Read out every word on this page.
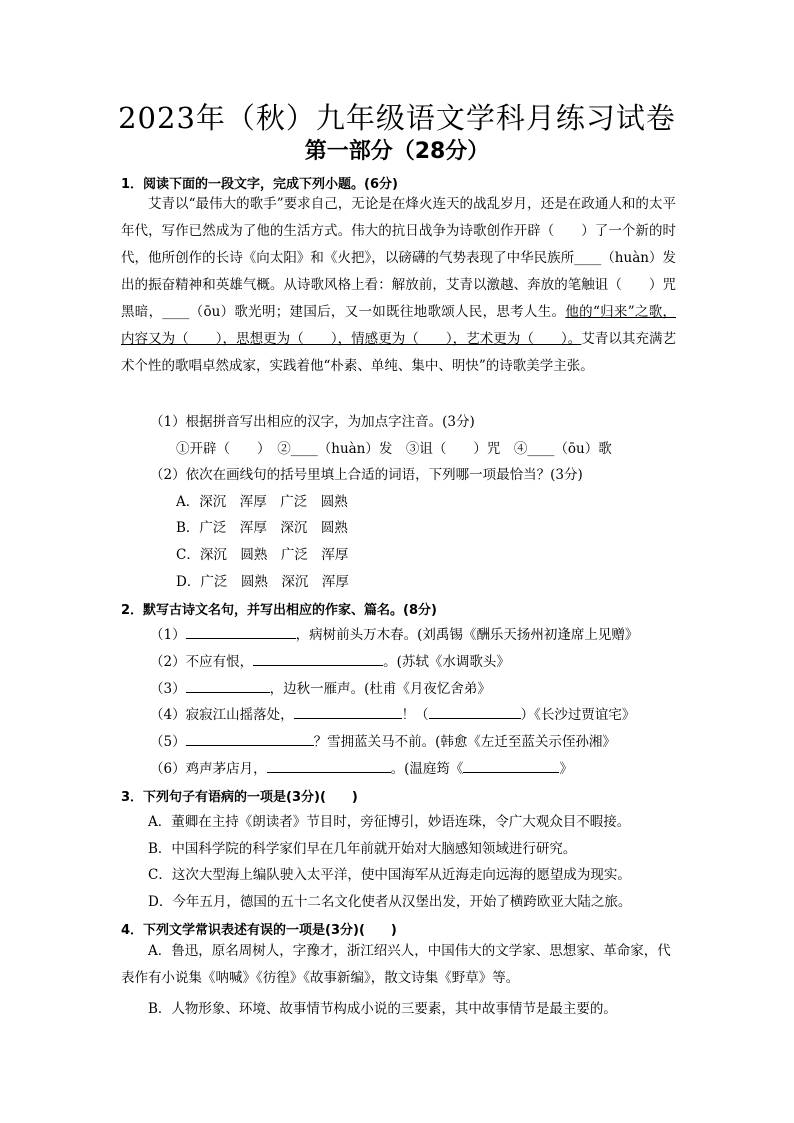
2023年（秋）九年级语文学科月练习试卷
第一部分（28分）
1．阅读下面的一段文字，完成下列小题。(6分)

艾青以“最伟大的歌手”要求自己，无论是在烽火连天的战乱岁月，还是在政通人和的太平年代，写作已然成为了他的生活方式。伟大的抗日战争为诗歌创作开辟（　　）了一个新的时代，他所创作的长诗《向太阳》和《火把》，以磅礴的气势表现了中华民族所____（huàn）发出的振奋精神和英雄气概。从诗歌风格上看：解放前，艾青以激越、奔放的笔触诅（　　）咒黑暗，____（ōu）歌光明；建国后，又一如既往地歌颂人民，思考人生。他的“归来”之歌，内容又为（　　），思想更为（　　），情感更为（　　），艺术更为（　　）。艾青以其充满艺术个性的歌唱卓然成家，实践着他“朴素、单纯、集中、明快”的诗歌美学主张。

（1）根据拼音写出相应的汉字，为加点字注音。(3分)
①开辟（　　）　②____（huàn）发　③诅（　　）咒　④____（ōu）歌
（2）依次在画线句的括号里填上合适的词语，下列哪一项最恰当？(3分)
A．深沉　浑厚　广泛　圆熟
B．广泛　浑厚　深沉　圆熟
C．深沉　圆熟　广泛　浑厚
D．广泛　圆熟　深沉　浑厚
2．默写古诗文名句，并写出相应的作家、篇名。(8分)
（1）	，病树前头万木春。(刘禹锡《酬乐天扬州初逢席上见赠》
（2）不应有恨，	。(苏轼《水调歌头》
（3）	，边秋一雁声。(杜甫《月夜忆舍弟》
（4）寂寂江山摇落处，	！（	）《长沙过贾谊宅》
（5）	？雪拥蓝关马不前。(韩愈《左迁至蓝关示侄孙湘》
（6）鸡声茅店月，	。(温庭筠《	》
3．下列句子有语病的一项是(3分)(　　)
A．董卿在主持《朗读者》节目时，旁征博引，妙语连珠，令广大观众目不暇接。
B．中国科学院的科学家们早在几年前就开始对大脑感知领域进行研究。
C．这次大型海上编队驶入太平洋，使中国海军从近海走向远海的愿望成为现实。
D．今年五月，德国的五十二名文化使者从汉堡出发，开始了横跨欧亚大陆之旅。
4．下列文学常识表述有误的一项是(3分)(　　)

A．鲁迅，原名周树人，字豫才，浙江绍兴人，中国伟大的文学家、思想家、革命家，代表作有小说集《呐喊》《彷徨》《故事新编》，散文诗集《野草》等。

B．人物形象、环境、故事情节构成小说的三要素，其中故事情节是最主要的。
